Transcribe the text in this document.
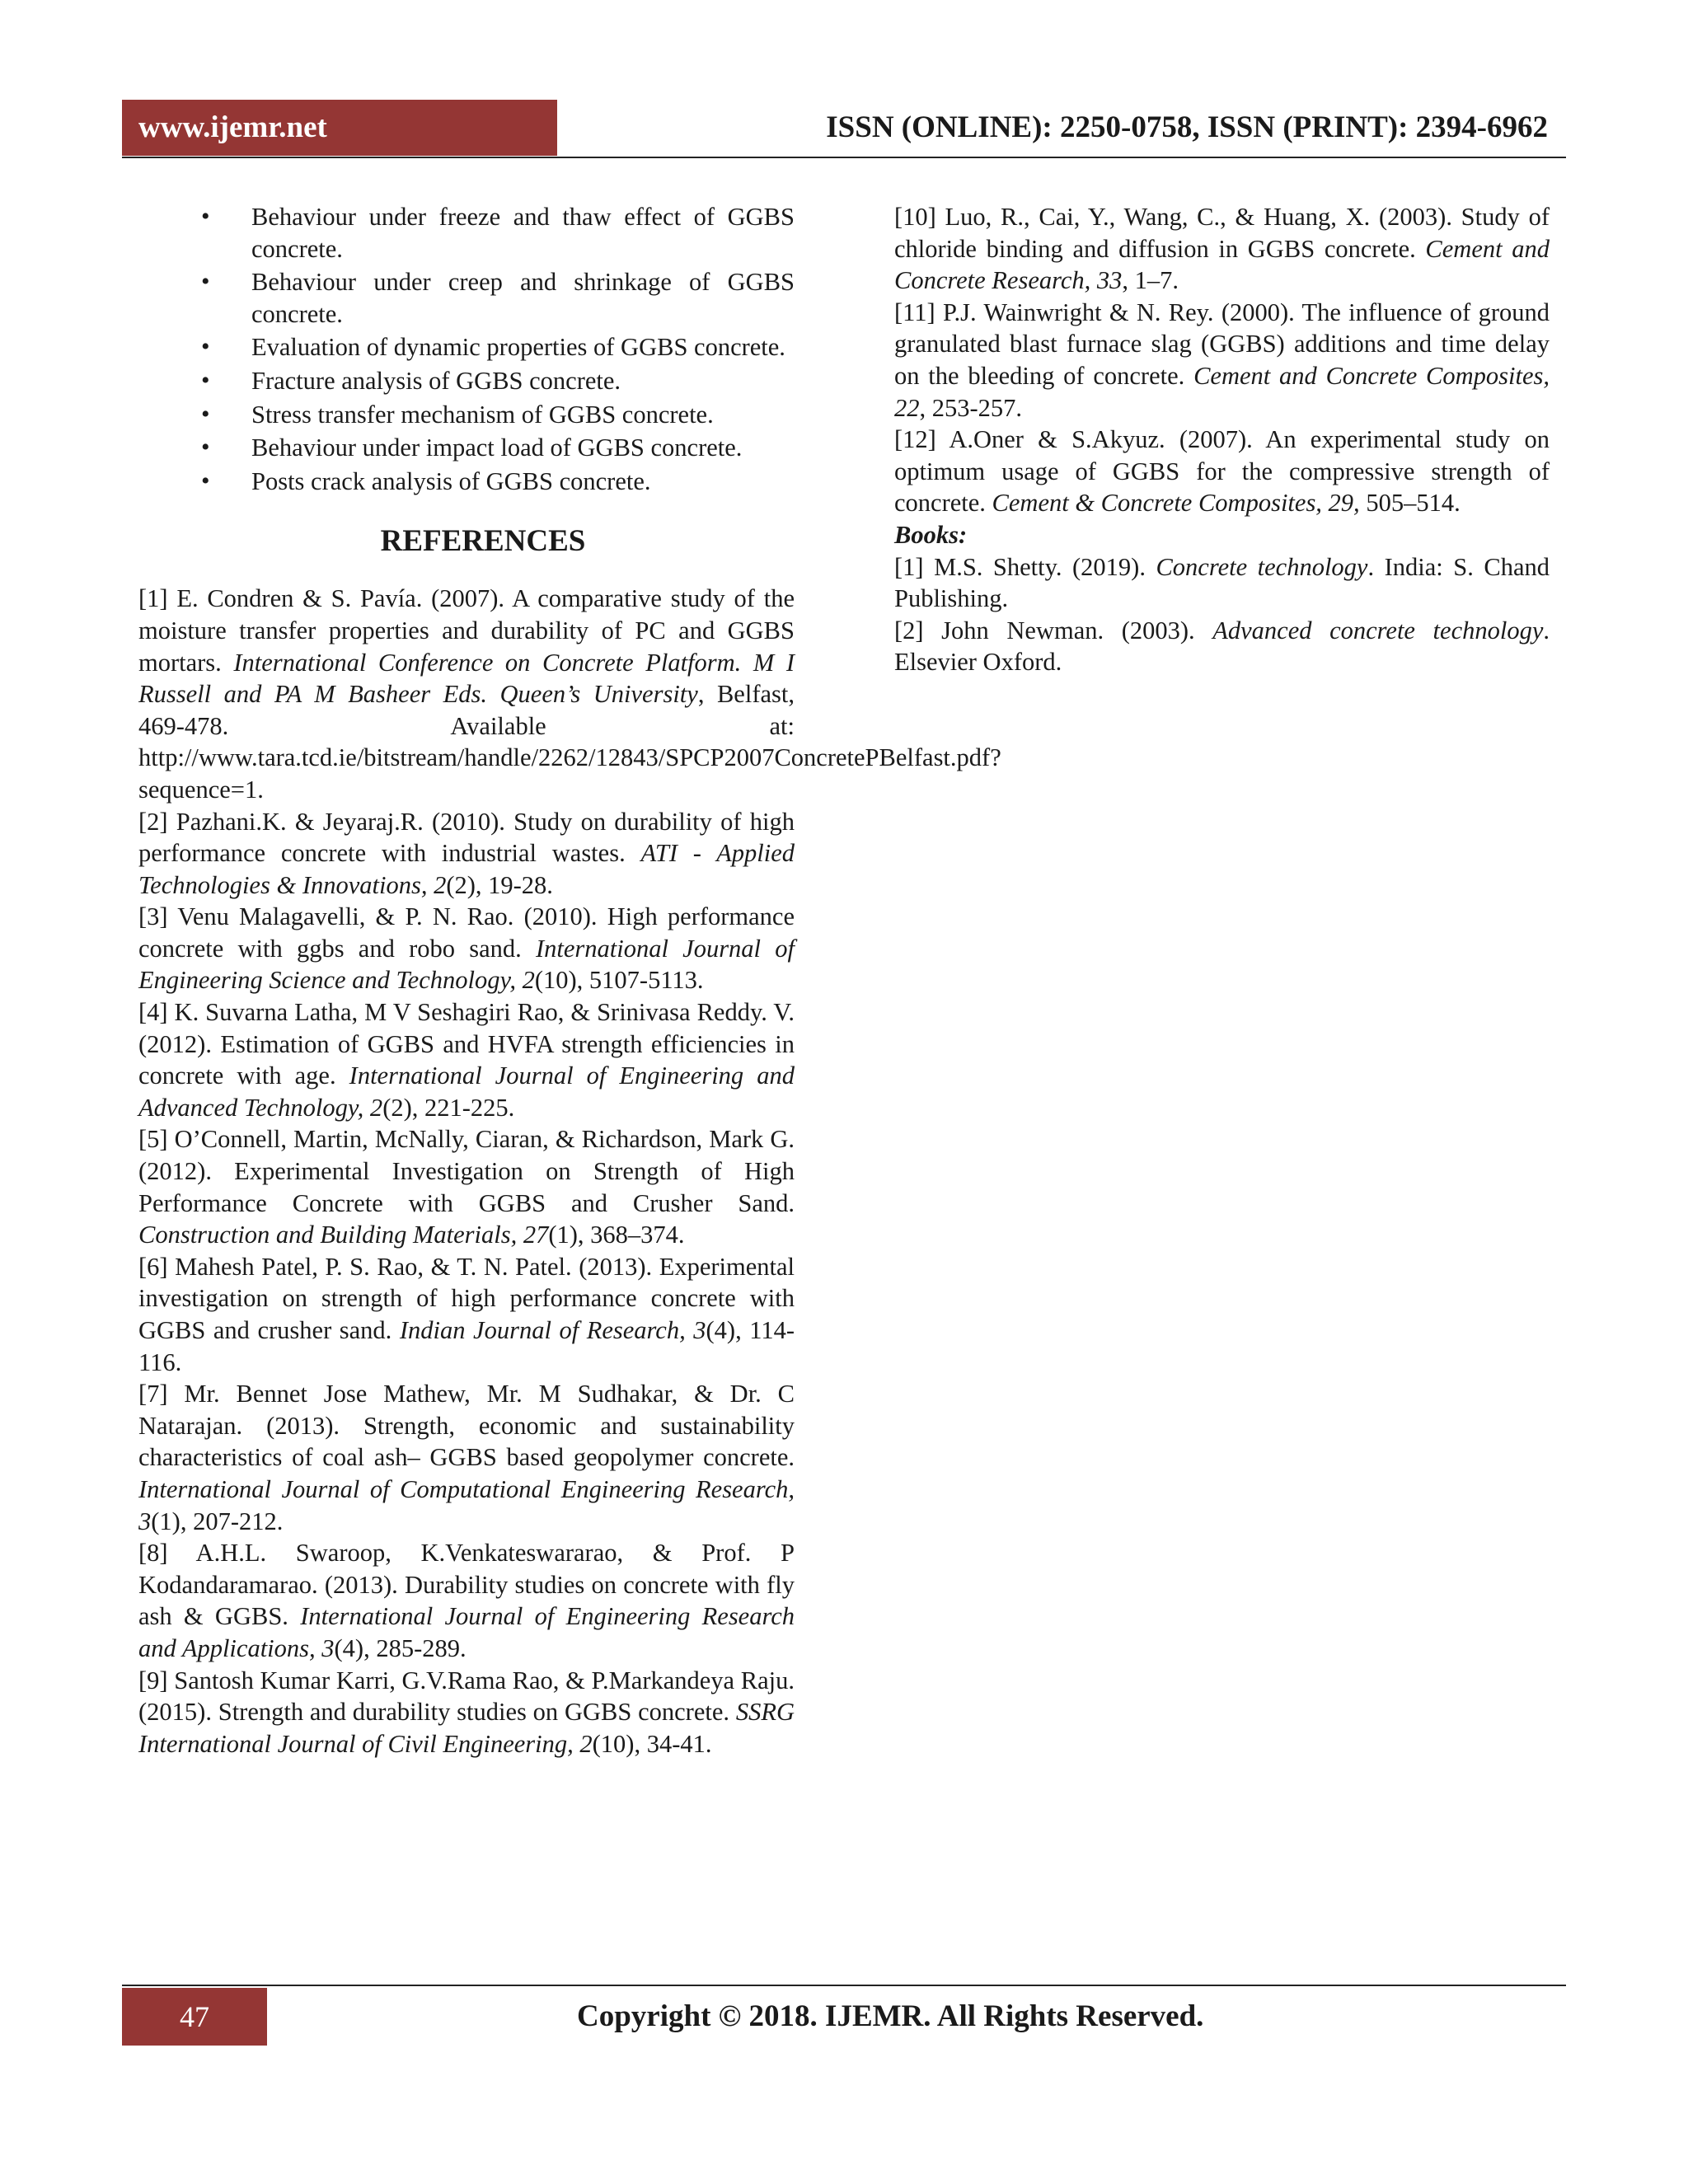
www.ijemr.net	ISSN (ONLINE): 2250-0758, ISSN (PRINT): 2394-6962
• Behaviour under freeze and thaw effect of GGBS concrete.
• Behaviour under creep and shrinkage of GGBS concrete.
• Evaluation of dynamic properties of GGBS concrete.
• Fracture analysis of GGBS concrete.
• Stress transfer mechanism of GGBS concrete.
• Behaviour under impact load of GGBS concrete.
• Posts crack analysis of GGBS concrete.
REFERENCES

[1] E. Condren & S. Pavía. (2007). A comparative study of the moisture transfer properties and durability of PC and GGBS mortars. International Conference on Concrete Platform. M I Russell and PA M Basheer Eds. Queen’s University, Belfast, 469-478. Available at: http://www.tara.tcd.ie/bitstream/handle/2262/12843/SPCP2007ConcretePBelfast.pdf?sequence=1.

[2] Pazhani.K. & Jeyaraj.R. (2010). Study on durability of high performance concrete with industrial wastes. ATI - Applied Technologies & Innovations, 2(2), 19-28.

[3] Venu Malagavelli, & P. N. Rao. (2010). High performance concrete with ggbs and robo sand. International Journal of Engineering Science and Technology, 2(10), 5107-5113.

[4] K. Suvarna Latha, M V Seshagiri Rao, & Srinivasa Reddy. V. (2012). Estimation of GGBS and HVFA strength efficiencies in concrete with age. International Journal of Engineering and Advanced Technology, 2(2), 221-225.

[5] O’Connell, Martin, McNally, Ciaran, & Richardson, Mark G. (2012). Experimental Investigation on Strength of High Performance Concrete with GGBS and Crusher Sand. Construction and Building Materials, 27(1), 368–374.

[6] Mahesh Patel, P. S. Rao, & T. N. Patel. (2013). Experimental investigation on strength of high performance concrete with GGBS and crusher sand. Indian Journal of Research, 3(4), 114-116.

[7] Mr. Bennet Jose Mathew, Mr. M Sudhakar, & Dr. C Natarajan. (2013). Strength, economic and sustainability characteristics of coal ash– GGBS based geopolymer concrete. International Journal of Computational Engineering Research, 3(1), 207-212.

[8] A.H.L. Swaroop, K.Venkateswararao, & Prof. P Kodandaramarao. (2013). Durability studies on concrete with fly ash & GGBS. International Journal of Engineering Research and Applications, 3(4), 285-289.

[9] Santosh Kumar Karri, G.V.Rama Rao, & P.Markandeya Raju. (2015). Strength and durability studies on GGBS concrete. SSRG International Journal of Civil Engineering, 2(10), 34-41.

[10] Luo, R., Cai, Y., Wang, C., & Huang, X. (2003). Study of chloride binding and diffusion in GGBS concrete. Cement and Concrete Research, 33, 1–7.

[11] P.J. Wainwright & N. Rey. (2000). The influence of ground granulated blast furnace slag (GGBS) additions and time delay on the bleeding of concrete. Cement and Concrete Composites, 22, 253-257.

[12] A.Oner & S.Akyuz. (2007). An experimental study on optimum usage of GGBS for the compressive strength of concrete. Cement & Concrete Composites, 29, 505–514.

Books:

[1] M.S. Shetty. (2019). Concrete technology. India: S. Chand Publishing.

[2] John Newman. (2003). Advanced concrete technology. Elsevier Oxford.

47	Copyright © 2018. IJEMR. All Rights Reserved.
